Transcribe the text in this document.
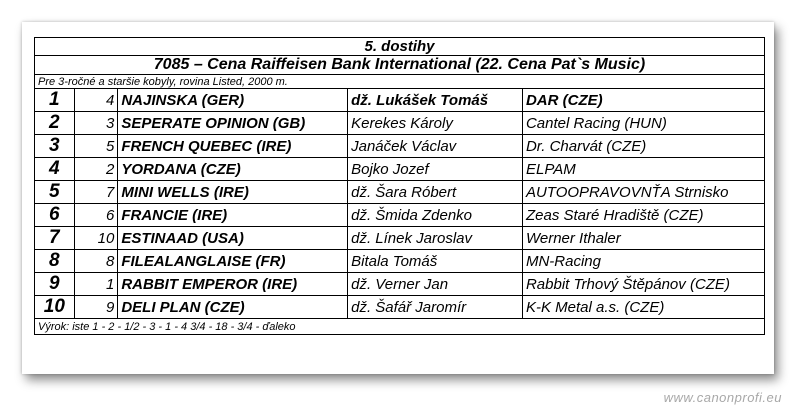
5. dostihy				
7085 – Cena Raiffeisen Bank International (22. Cena Pat`s Music)				
Pre 3-ročné a staršie kobyly, rovina Listed, 2000 m.				
1	4	NAJINSKA (GER)	dž. Lukášek Tomáš	DAR (CZE)
2	3	SEPERATE OPINION (GB)	Kerekes Károly	Cantel Racing (HUN)
3	5	FRENCH QUEBEC (IRE)	Janáček Václav	Dr. Charvát (CZE)
4	2	YORDANA (CZE)	Bojko Jozef	ELPAM
5	7	MINI WELLS (IRE)	dž. Šara Róbert	AUTOOPRAVOVNŤA Strnisko
6	6	FRANCIE (IRE)	dž. Šmida Zdenko	Zeas Staré Hradiště (CZE)
7	10	ESTINAAD (USA)	dž. Línek Jaroslav	Werner Ithaler
8	8	FILEALANGLAISE (FR)	Bitala Tomáš	MN-Racing
9	1	RABBIT EMPEROR (IRE)	dž. Verner Jan	Rabbit Trhový Štěpánov (CZE)
10	9	DELI PLAN (CZE)	dž. Šafář Jaromír	K-K Metal a.s. (CZE)
Výrok: iste 1 - 2 - 1/2 - 3 - 1 - 4 3/4 - 18 - 3/4 - ďaleko				
www.canonprofi.eu
